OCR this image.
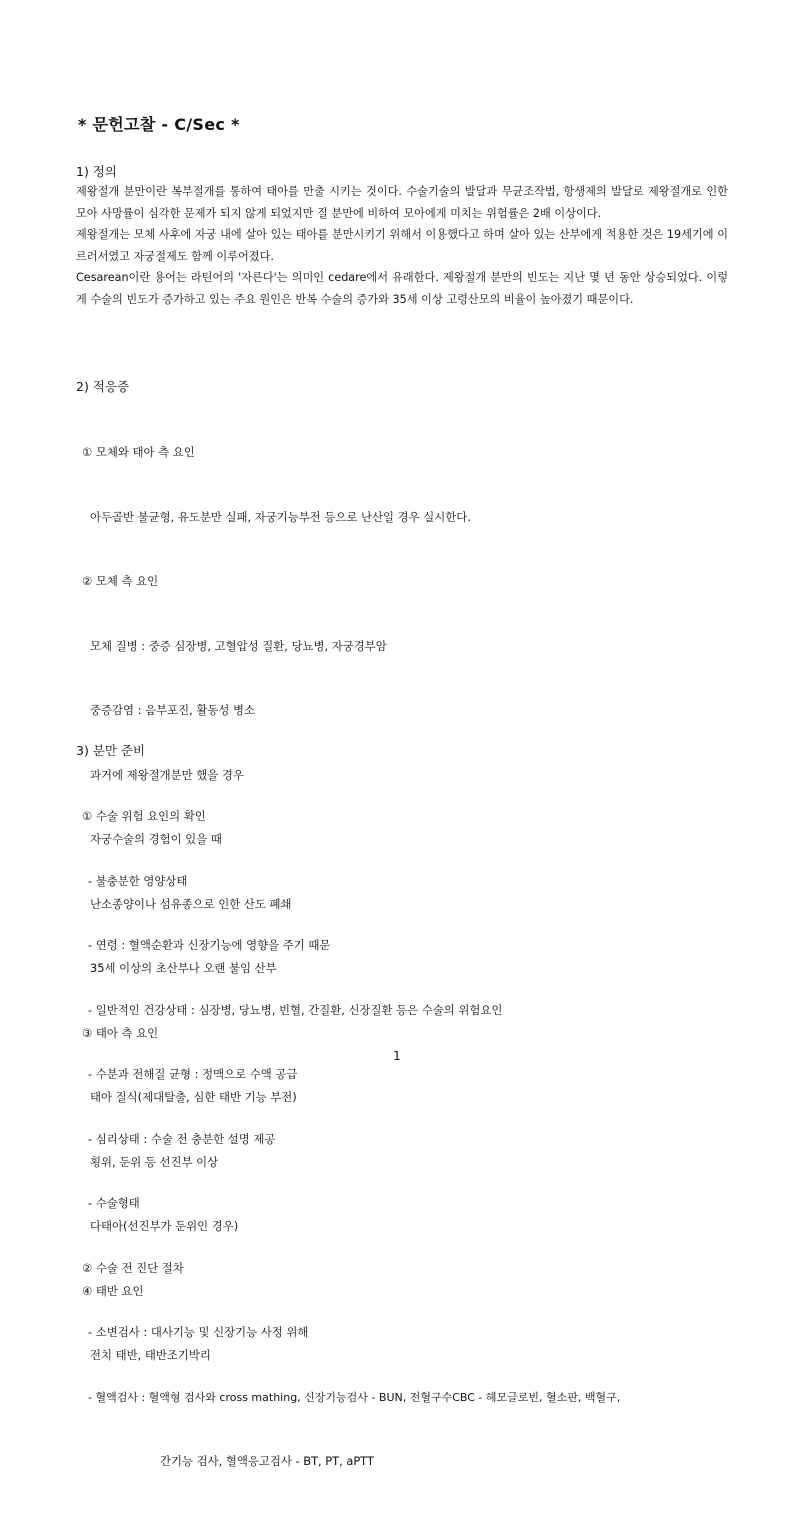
* 문헌고찰 - C/Sec *
1) 정의

제왕절개 분만이란 복부절개를 통하여 태아를 만출 시키는 것이다. 수술기술의 발달과 무균조작법, 항생제의 발달로 제왕절개로 인한 모아 사망률이 심각한 문제가 되지 않게 되었지만 질 분만에 비하여 모아에게 미치는 위험률은 2배 이상이다.

제왕절개는 모체 사후에 자궁 내에 살아 있는 태아를 분만시키기 위해서 이용했다고 하며 살아 있는 산부에게 적용한 것은 19세기에 이르러서였고 자궁절제도 함께 이루어졌다.

Cesarean이란 용어는 라틴어의 '자른다'는 의미인 cedare에서 유래한다. 제왕절개 분만의 빈도는 지난 몇 년 동안 상승되었다. 이렇게 수술의 빈도가 증가하고 있는 주요 원인은 반복 수술의 증가와 35세 이상 고령산모의 비율이 높아졌기 때문이다.

2) 적응증

① 모체와 태아 측 요인

아두골반 불균형, 유도분만 실패, 자궁기능부전 등으로 난산일 경우 실시한다.

② 모체 측 요인

모체 질병 : 중증 심장병, 고혈압성 질환, 당뇨병, 자궁경부암

중증감염 : 음부포진, 활동성 병소

과거에 제왕절개분만 했을 경우

자궁수술의 경험이 있을 때

난소종양이나 섬유종으로 인한 산도 폐쇄

35세 이상의 초산부나 오랜 불임 산부

③ 태아 측 요인

태아 질식(제대탈출, 심한 태반 기능 부전)

횡위, 둔위 등 선진부 이상

다태아(선진부가 둔위인 경우)

④ 태반 요인

전치 태반, 태반조기박리

3) 분만 준비

① 수술 위험 요인의 확인

- 불충분한 영양상태

- 연령 : 혈액순환과 신장기능에 영향을 주기 때문

- 일반적인 건강상태 : 심장병, 당뇨병, 빈혈, 간질환, 신장질환 등은 수술의 위험요인

- 수분과 전해질 균형 : 정맥으로 수액 공급

- 심리상태 : 수술 전 충분한 설명 제공

- 수술형태

② 수술 전 진단 절차

- 소변검사 : 대사기능 및 신장기능 사정 위해

- 혈액검사 : 혈액형 검사와 cross mathing, 신장기능검사 - BUN, 전혈구수CBC - 헤모글로빈, 혈소판, 백혈구,

간기능 검사, 혈액응고검사 - BT, PT, aPTT

1
